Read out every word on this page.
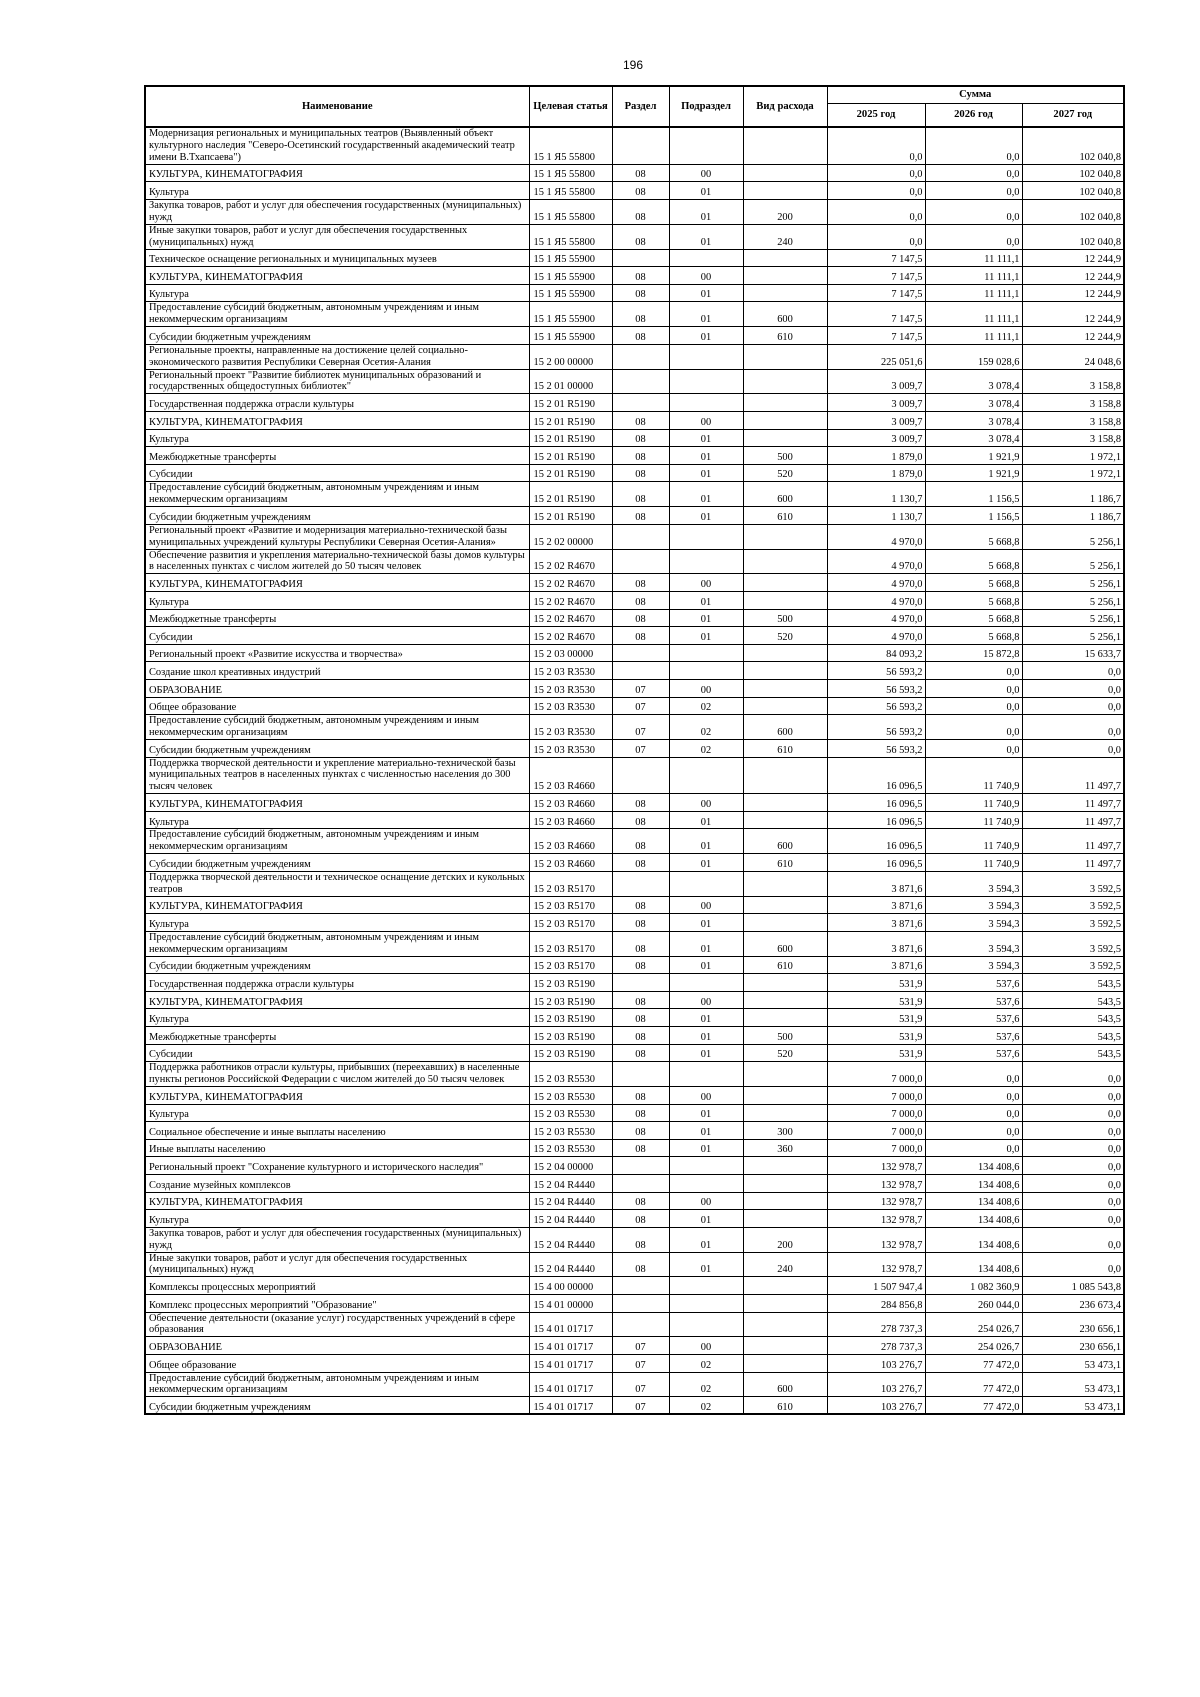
196
Наименование	Целевая статья	Раздел	Подраздел	Вид расхода	Сумма		
					2025 год	2026 год	2027 год
Модернизация региональных и муниципальных театров (Выявленный объект культурного наследия "Северо-Осетинский государственный академический театр имени В.Тхапсаева")	15 1 Я5 55800				0,0	0,0	102 040,8
КУЛЬТУРА, КИНЕМАТОГРАФИЯ	15 1 Я5 55800	08	00		0,0	0,0	102 040,8
Культура	15 1 Я5 55800	08	01		0,0	0,0	102 040,8
Закупка товаров, работ и услуг для обеспечения государственных (муниципальных) нужд	15 1 Я5 55800	08	01	200	0,0	0,0	102 040,8
Иные закупки товаров, работ и услуг для обеспечения государственных (муниципальных) нужд	15 1 Я5 55800	08	01	240	0,0	0,0	102 040,8
Техническое оснащение региональных и муниципальных музеев	15 1 Я5 55900				7 147,5	11 111,1	12 244,9
КУЛЬТУРА, КИНЕМАТОГРАФИЯ	15 1 Я5 55900	08	00		7 147,5	11 111,1	12 244,9
Культура	15 1 Я5 55900	08	01		7 147,5	11 111,1	12 244,9
Предоставление субсидий бюджетным, автономным учреждениям и иным некоммерческим организациям	15 1 Я5 55900	08	01	600	7 147,5	11 111,1	12 244,9
Субсидии бюджетным учреждениям	15 1 Я5 55900	08	01	610	7 147,5	11 111,1	12 244,9
Региональные проекты, направленные на достижение целей социально-экономического развития Республики Северная Осетия-Алания	15 2 00 00000				225 051,6	159 028,6	24 048,6
Региональный проект "Развитие библиотек муниципальных образований и государственных общедоступных библиотек"	15 2 01 00000				3 009,7	3 078,4	3 158,8
Государственная поддержка отрасли культуры	15 2 01 R5190				3 009,7	3 078,4	3 158,8
КУЛЬТУРА, КИНЕМАТОГРАФИЯ	15 2 01 R5190	08	00		3 009,7	3 078,4	3 158,8
Культура	15 2 01 R5190	08	01		3 009,7	3 078,4	3 158,8
Межбюджетные трансферты	15 2 01 R5190	08	01	500	1 879,0	1 921,9	1 972,1
Субсидии	15 2 01 R5190	08	01	520	1 879,0	1 921,9	1 972,1
Предоставление субсидий бюджетным, автономным учреждениям и иным некоммерческим организациям	15 2 01 R5190	08	01	600	1 130,7	1 156,5	1 186,7
Субсидии бюджетным учреждениям	15 2 01 R5190	08	01	610	1 130,7	1 156,5	1 186,7
Региональный проект «Развитие и модернизация материально-технической базы муниципальных учреждений культуры Республики Северная Осетия-Алания»	15 2 02 00000				4 970,0	5 668,8	5 256,1
Обеспечение развития и укрепления материально-технической базы домов культуры в населенных пунктах с числом жителей до 50 тысяч человек	15 2 02 R4670				4 970,0	5 668,8	5 256,1
КУЛЬТУРА, КИНЕМАТОГРАФИЯ	15 2 02 R4670	08	00		4 970,0	5 668,8	5 256,1
Культура	15 2 02 R4670	08	01		4 970,0	5 668,8	5 256,1
Межбюджетные трансферты	15 2 02 R4670	08	01	500	4 970,0	5 668,8	5 256,1
Субсидии	15 2 02 R4670	08	01	520	4 970,0	5 668,8	5 256,1
Региональный проект «Развитие искусства и творчества»	15 2 03 00000				84 093,2	15 872,8	15 633,7
Создание школ креативных индустрий	15 2 03 R3530				56 593,2	0,0	0,0
ОБРАЗОВАНИЕ	15 2 03 R3530	07	00		56 593,2	0,0	0,0
Общее образование	15 2 03 R3530	07	02		56 593,2	0,0	0,0
Предоставление субсидий бюджетным, автономным учреждениям и иным некоммерческим организациям	15 2 03 R3530	07	02	600	56 593,2	0,0	0,0
Субсидии бюджетным учреждениям	15 2 03 R3530	07	02	610	56 593,2	0,0	0,0
Поддержка творческой деятельности и укрепление материально-технической базы муниципальных театров в населенных пунктах с численностью населения до 300 тысяч человек	15 2 03 R4660				16 096,5	11 740,9	11 497,7
КУЛЬТУРА, КИНЕМАТОГРАФИЯ	15 2 03 R4660	08	00		16 096,5	11 740,9	11 497,7
Культура	15 2 03 R4660	08	01		16 096,5	11 740,9	11 497,7
Предоставление субсидий бюджетным, автономным учреждениям и иным некоммерческим организациям	15 2 03 R4660	08	01	600	16 096,5	11 740,9	11 497,7
Субсидии бюджетным учреждениям	15 2 03 R4660	08	01	610	16 096,5	11 740,9	11 497,7
Поддержка творческой деятельности и техническое оснащение детских и кукольных театров	15 2 03 R5170				3 871,6	3 594,3	3 592,5
КУЛЬТУРА, КИНЕМАТОГРАФИЯ	15 2 03 R5170	08	00		3 871,6	3 594,3	3 592,5
Культура	15 2 03 R5170	08	01		3 871,6	3 594,3	3 592,5
Предоставление субсидий бюджетным, автономным учреждениям и иным некоммерческим организациям	15 2 03 R5170	08	01	600	3 871,6	3 594,3	3 592,5
Субсидии бюджетным учреждениям	15 2 03 R5170	08	01	610	3 871,6	3 594,3	3 592,5
Государственная поддержка отрасли культуры	15 2 03 R5190				531,9	537,6	543,5
КУЛЬТУРА, КИНЕМАТОГРАФИЯ	15 2 03 R5190	08	00		531,9	537,6	543,5
Культура	15 2 03 R5190	08	01		531,9	537,6	543,5
Межбюджетные трансферты	15 2 03 R5190	08	01	500	531,9	537,6	543,5
Субсидии	15 2 03 R5190	08	01	520	531,9	537,6	543,5
Поддержка работников отрасли культуры, прибывших (переехавших) в населенные пункты регионов Российской Федерации с числом жителей до 50 тысяч человек	15 2 03 R5530				7 000,0	0,0	0,0
КУЛЬТУРА, КИНЕМАТОГРАФИЯ	15 2 03 R5530	08	00		7 000,0	0,0	0,0
Культура	15 2 03 R5530	08	01		7 000,0	0,0	0,0
Социальное обеспечение и иные выплаты населению	15 2 03 R5530	08	01	300	7 000,0	0,0	0,0
Иные выплаты населению	15 2 03 R5530	08	01	360	7 000,0	0,0	0,0
Региональный проект "Сохранение культурного и исторического наследия"	15 2 04 00000				132 978,7	134 408,6	0,0
Создание музейных комплексов	15 2 04 R4440				132 978,7	134 408,6	0,0
КУЛЬТУРА, КИНЕМАТОГРАФИЯ	15 2 04 R4440	08	00		132 978,7	134 408,6	0,0
Культура	15 2 04 R4440	08	01		132 978,7	134 408,6	0,0
Закупка товаров, работ и услуг для обеспечения государственных (муниципальных) нужд	15 2 04 R4440	08	01	200	132 978,7	134 408,6	0,0
Иные закупки товаров, работ и услуг для обеспечения государственных (муниципальных) нужд	15 2 04 R4440	08	01	240	132 978,7	134 408,6	0,0
Комплексы процессных мероприятий	15 4 00 00000				1 507 947,4	1 082 360,9	1 085 543,8
Комплекс процессных мероприятий "Образование"	15 4 01 00000				284 856,8	260 044,0	236 673,4
Обеспечение деятельности (оказание услуг) государственных учреждений в сфере образования	15 4 01 01717				278 737,3	254 026,7	230 656,1
ОБРАЗОВАНИЕ	15 4 01 01717	07	00		278 737,3	254 026,7	230 656,1
Общее образование	15 4 01 01717	07	02		103 276,7	77 472,0	53 473,1
Предоставление субсидий бюджетным, автономным учреждениям и иным некоммерческим организациям	15 4 01 01717	07	02	600	103 276,7	77 472,0	53 473,1
Субсидии бюджетным учреждениям	15 4 01 01717	07	02	610	103 276,7	77 472,0	53 473,1
